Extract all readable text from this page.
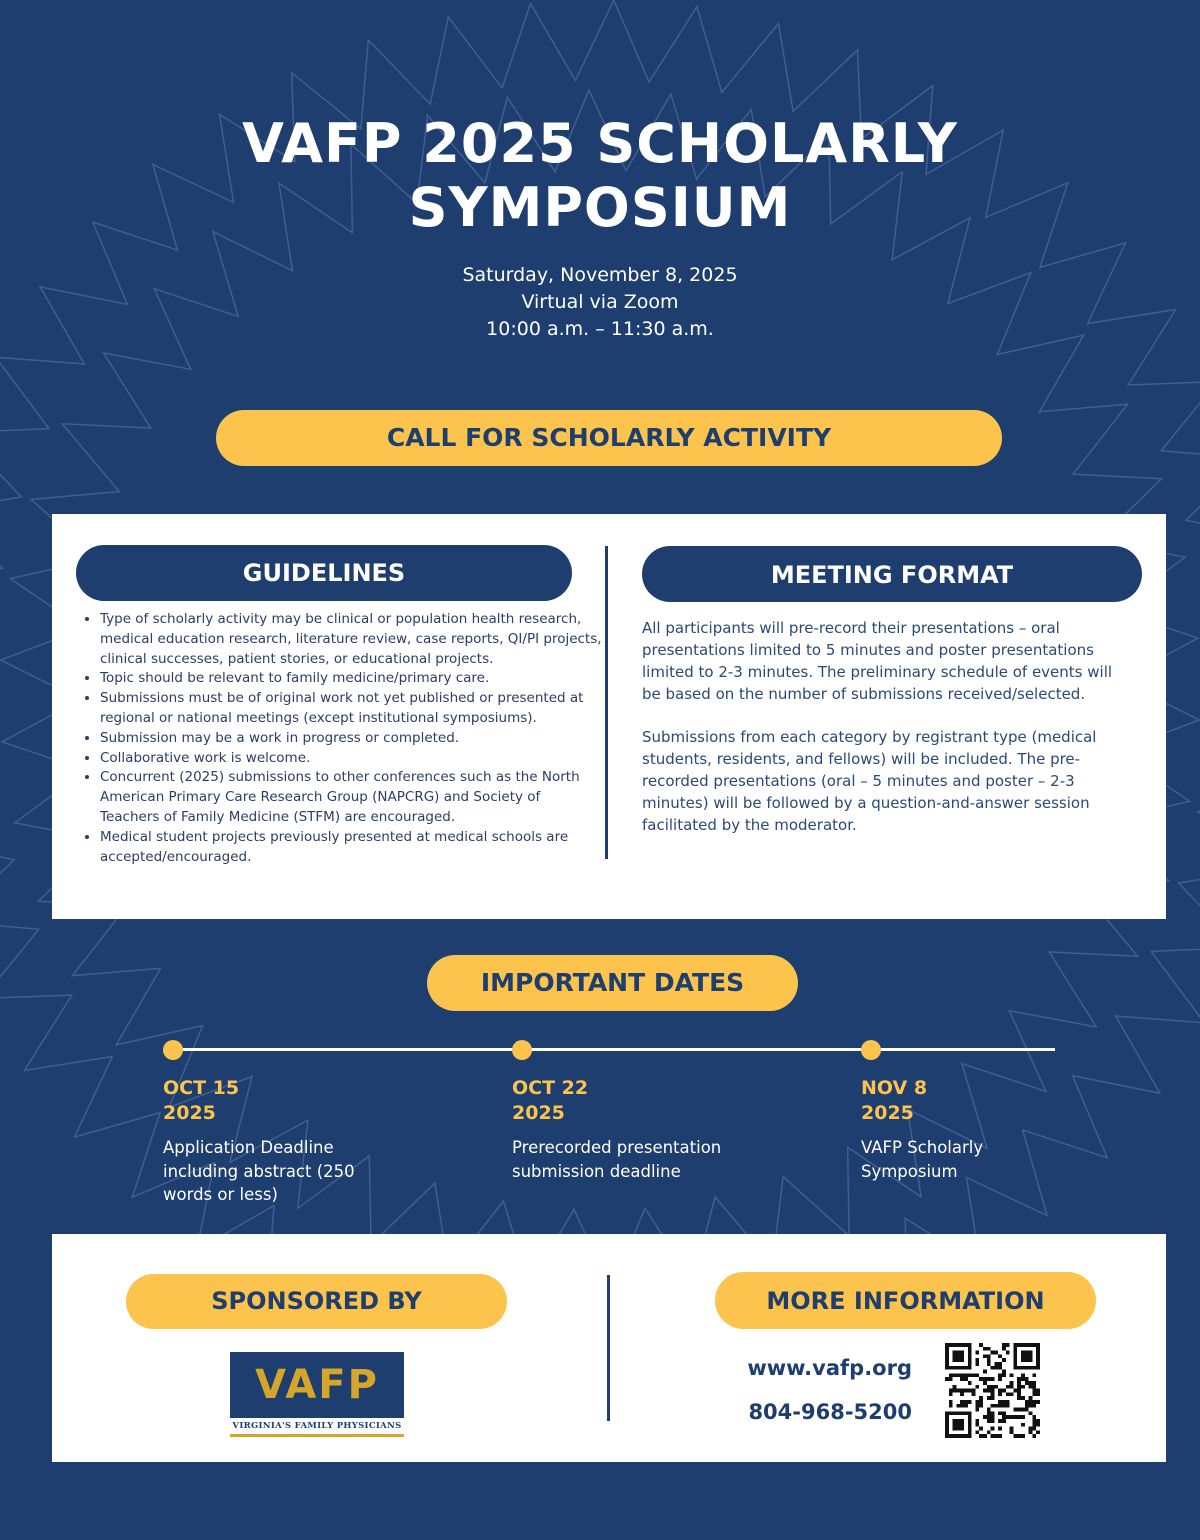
VAFP 2025 SCHOLARLY
SYMPOSIUM
Saturday, November 8, 2025
Virtual via Zoom
10:00 a.m. – 11:30 a.m.
CALL FOR SCHOLARLY ACTIVITY
GUIDELINES
• Type of scholarly activity may be clinical or population health research, medical education research, literature review, case reports, QI/PI projects, clinical successes, patient stories, or educational projects.
• Topic should be relevant to family medicine/primary care.
• Submissions must be of original work not yet published or presented at regional or national meetings (except institutional symposiums).
• Submission may be a work in progress or completed.
• Collaborative work is welcome.
• Concurrent (2025) submissions to other conferences such as the North American Primary Care Research Group (NAPCRG) and Society of Teachers of Family Medicine (STFM) are encouraged.
• Medical student projects previously presented at medical schools are accepted/encouraged.
MEETING FORMAT

All participants will pre-record their presentations – oral presentations limited to 5 minutes and poster presentations limited to 2-3 minutes. The preliminary schedule of events will be based on the number of submissions received/selected.

Submissions from each category by registrant type (medical students, residents, and fellows) will be included. The pre-recorded presentations (oral – 5 minutes and poster – 2-3 minutes) will be followed by a question-and-answer session facilitated by the moderator.

IMPORTANT DATES
OCT 15
2025
Application Deadline including abstract (250 words or less)
OCT 22
2025
Prerecorded presentation submission deadline
NOV 8
2025
VAFP Scholarly Symposium
SPONSORED BY
VAFP
VIRGINIA'S FAMILY PHYSICIANS
MORE INFORMATION
www.vafp.org
804-968-5200
